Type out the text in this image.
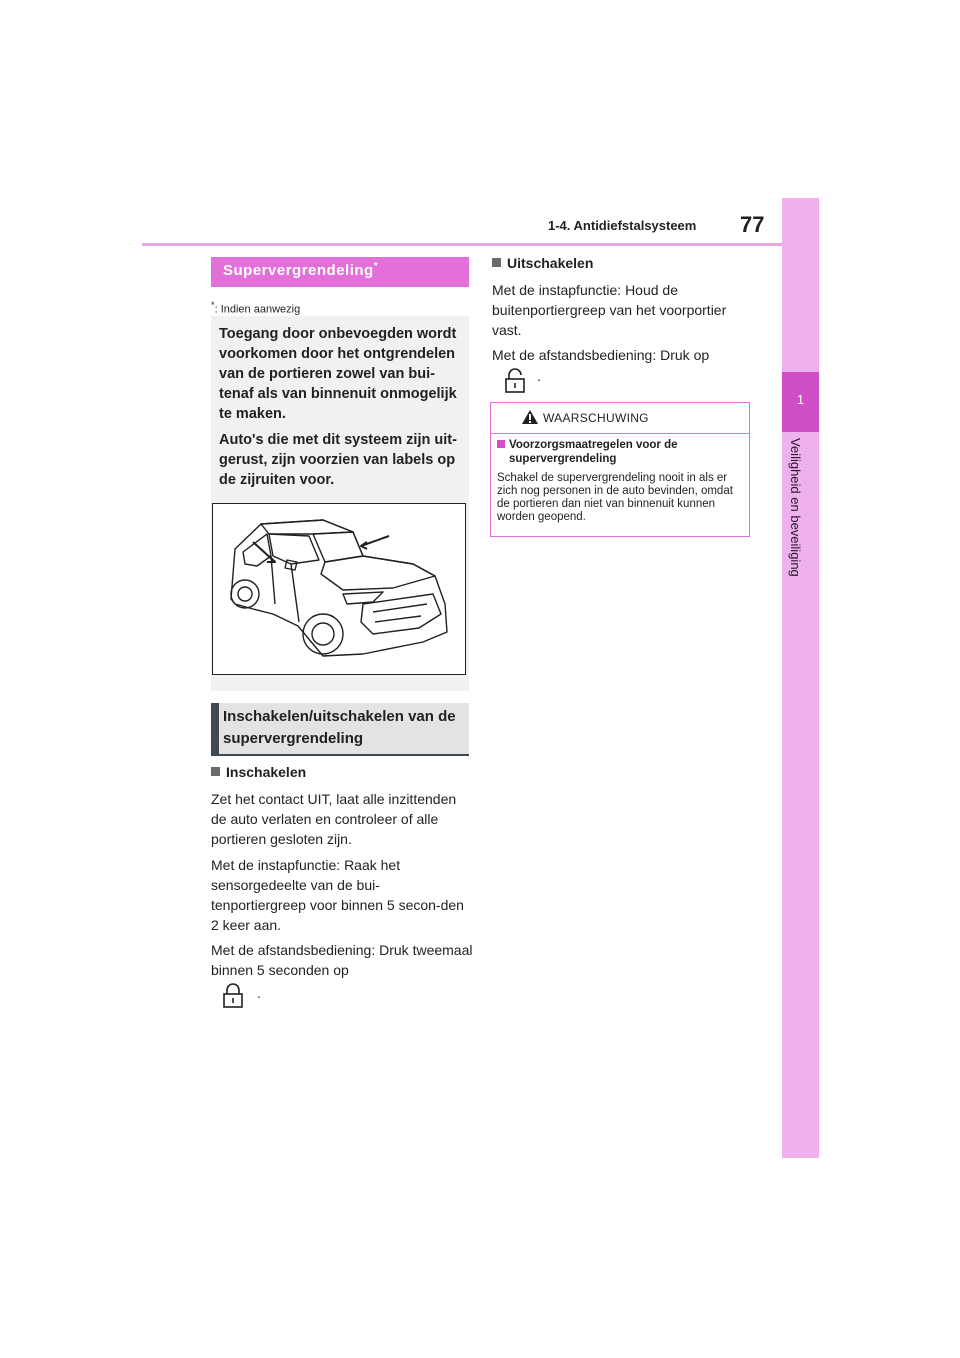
1-4. Antidiefstalsysteem 77
1
Veiligheid en beveiliging
Supervergrendeling*
*: Indien aanwezig
Toegang door onbevoegden wordt voorkomen door het ontgrendelen van de portieren zowel van bui-tenaf als van binnenuit onmogelijk te maken.
Auto's die met dit systeem zijn uit-gerust, zijn voorzien van labels op de zijruiten voor.
Inschakelen/uitschakelen van de supervergrendeling
Inschakelen
Zet het contact UIT, laat alle inzittenden de auto verlaten en controleer of alle portieren gesloten zijn.
Met de instapfunctie: Raak het sensorgedeelte van de bui-tenportiergreep voor binnen 5 secon-den 2 keer aan.
Met de afstandsbediening: Druk tweemaal binnen 5 seconden op
.
Uitschakelen
Met de instapfunctie: Houd de buitenportiergreep van het voorportier vast.
Met de afstandsbediening: Druk op
.
WAARSCHUWING
Voorzorgsmaatregelen voor de supervergrendeling
Schakel de supervergrendeling nooit in als er zich nog personen in de auto bevinden, omdat de portieren dan niet van binnenuit kunnen worden geopend.
